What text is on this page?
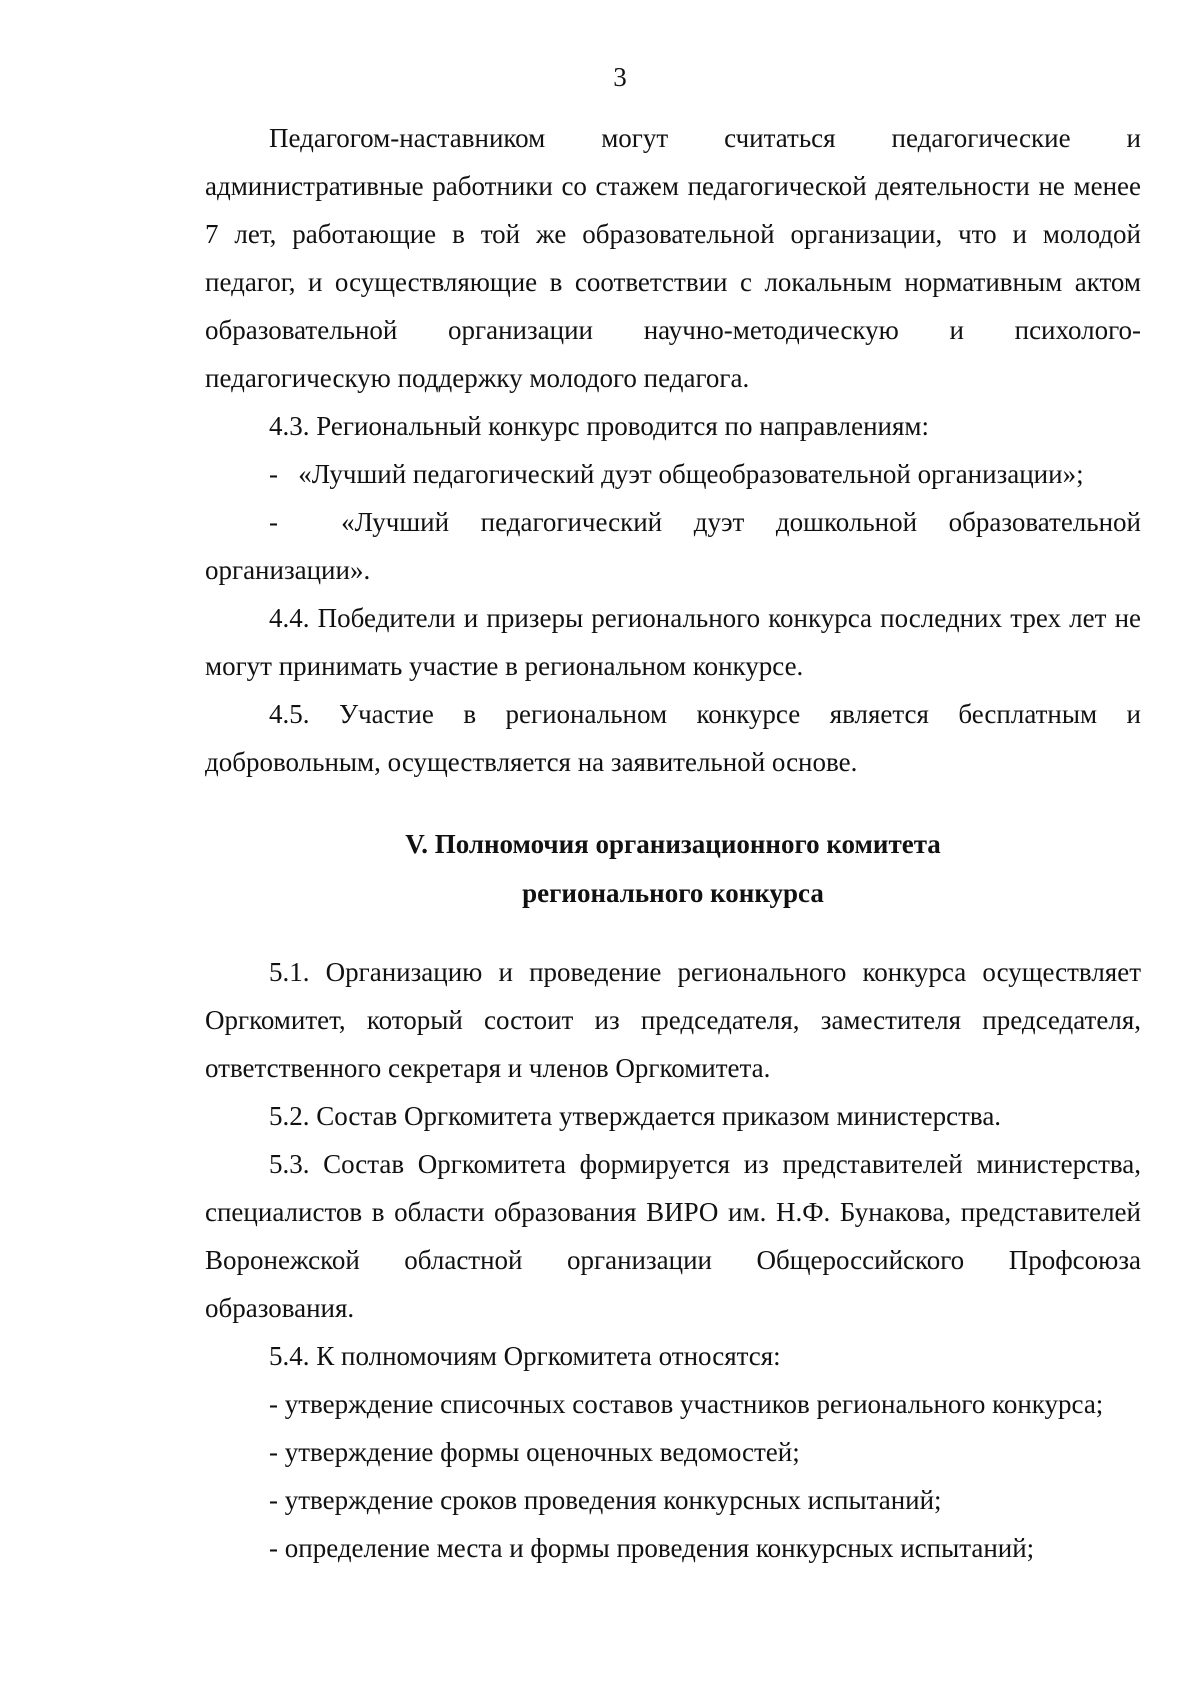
3

Педагогом-наставником могут считаться педагогические и административные работники со стажем педагогической деятельности не менее 7 лет, работающие в той же образовательной организации, что и молодой педагог, и осуществляющие в соответствии с локальным нормативным актом образовательной организации научно-методическую и психолого-педагогическую поддержку молодого педагога.

4.3. Региональный конкурс проводится по направлениям:

-   «Лучший педагогический дуэт общеобразовательной организации»;

-  «Лучший педагогический дуэт дошкольной образовательной организации».

4.4. Победители и призеры регионального конкурса последних трех лет не могут принимать участие в региональном конкурсе.

4.5. Участие в региональном конкурсе является бесплатным и добровольным, осуществляется на заявительной основе.

V. Полномочия организационного комитета

регионального конкурса

5.1. Организацию и проведение регионального конкурса осуществляет Оргкомитет, который состоит из председателя, заместителя председателя, ответственного секретаря и членов Оргкомитета.

5.2. Состав Оргкомитета утверждается приказом министерства.

5.3. Состав Оргкомитета формируется из представителей министерства, специалистов в области образования ВИРО им. Н.Ф. Бунакова, представителей Воронежской областной организации Общероссийского Профсоюза образования.

5.4. К полномочиям Оргкомитета относятся:

- утверждение списочных составов участников регионального конкурса;

- утверждение формы оценочных ведомостей;

- утверждение сроков проведения конкурсных испытаний;

- определение места и формы проведения конкурсных испытаний;
